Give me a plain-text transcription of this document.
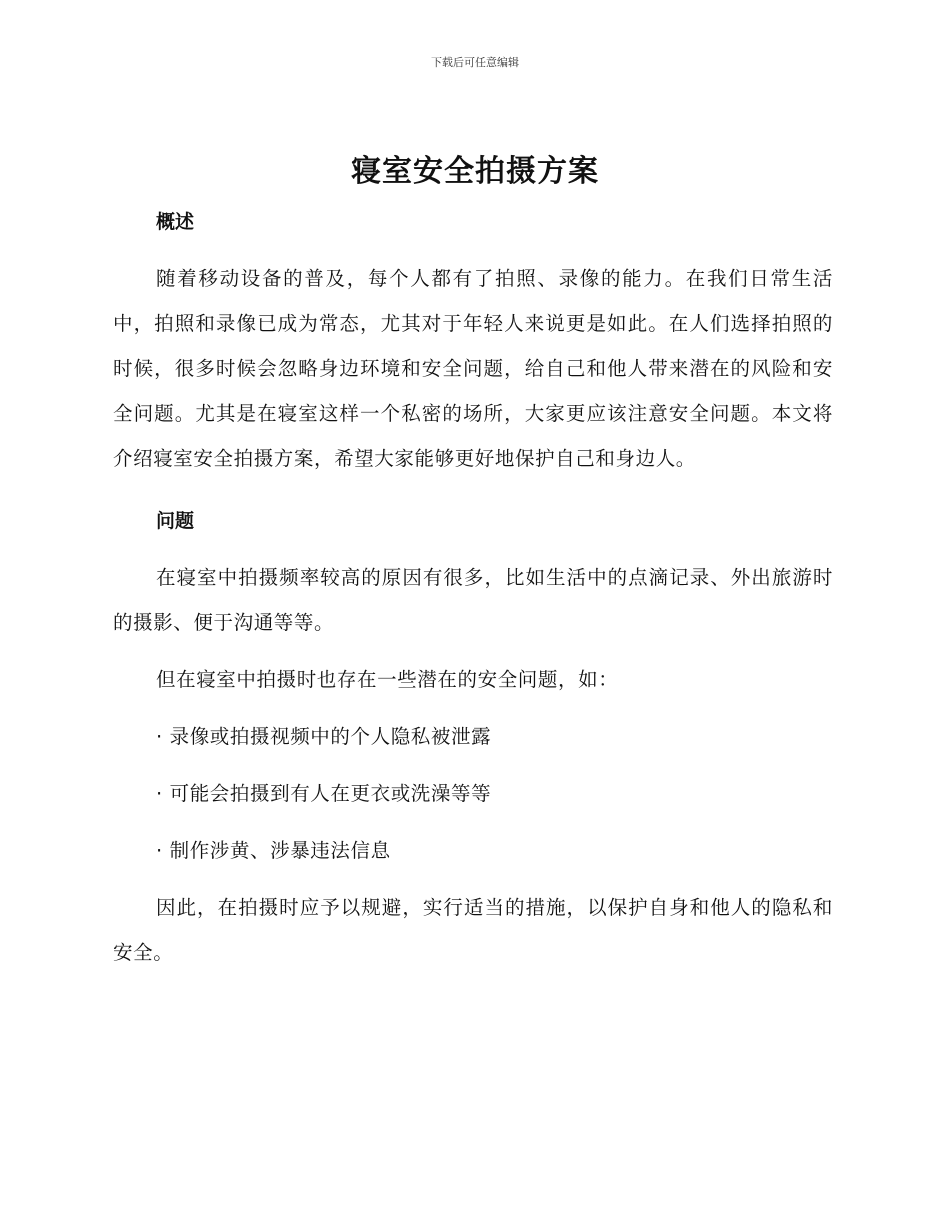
下载后可任意编辑
寝室安全拍摄方案
概述

随着移动设备的普及，每个人都有了拍照、录像的能力。在我们日常生活中，拍照和录像已成为常态，尤其对于年轻人来说更是如此。在人们选择拍照的时候，很多时候会忽略身边环境和安全问题，给自己和他人带来潜在的风险和安全问题。尤其是在寝室这样一个私密的场所，大家更应该注意安全问题。本文将介绍寝室安全拍摄方案，希望大家能够更好地保护自己和身边人。

问题

在寝室中拍摄频率较高的原因有很多，比如生活中的点滴记录、外出旅游时的摄影、便于沟通等等。

但在寝室中拍摄时也存在一些潜在的安全问题，如：

· 录像或拍摄视频中的个人隐私被泄露

· 可能会拍摄到有人在更衣或洗澡等等

· 制作涉黄、涉暴违法信息

因此，在拍摄时应予以规避，实行适当的措施，以保护自身和他人的隐私和安全。
